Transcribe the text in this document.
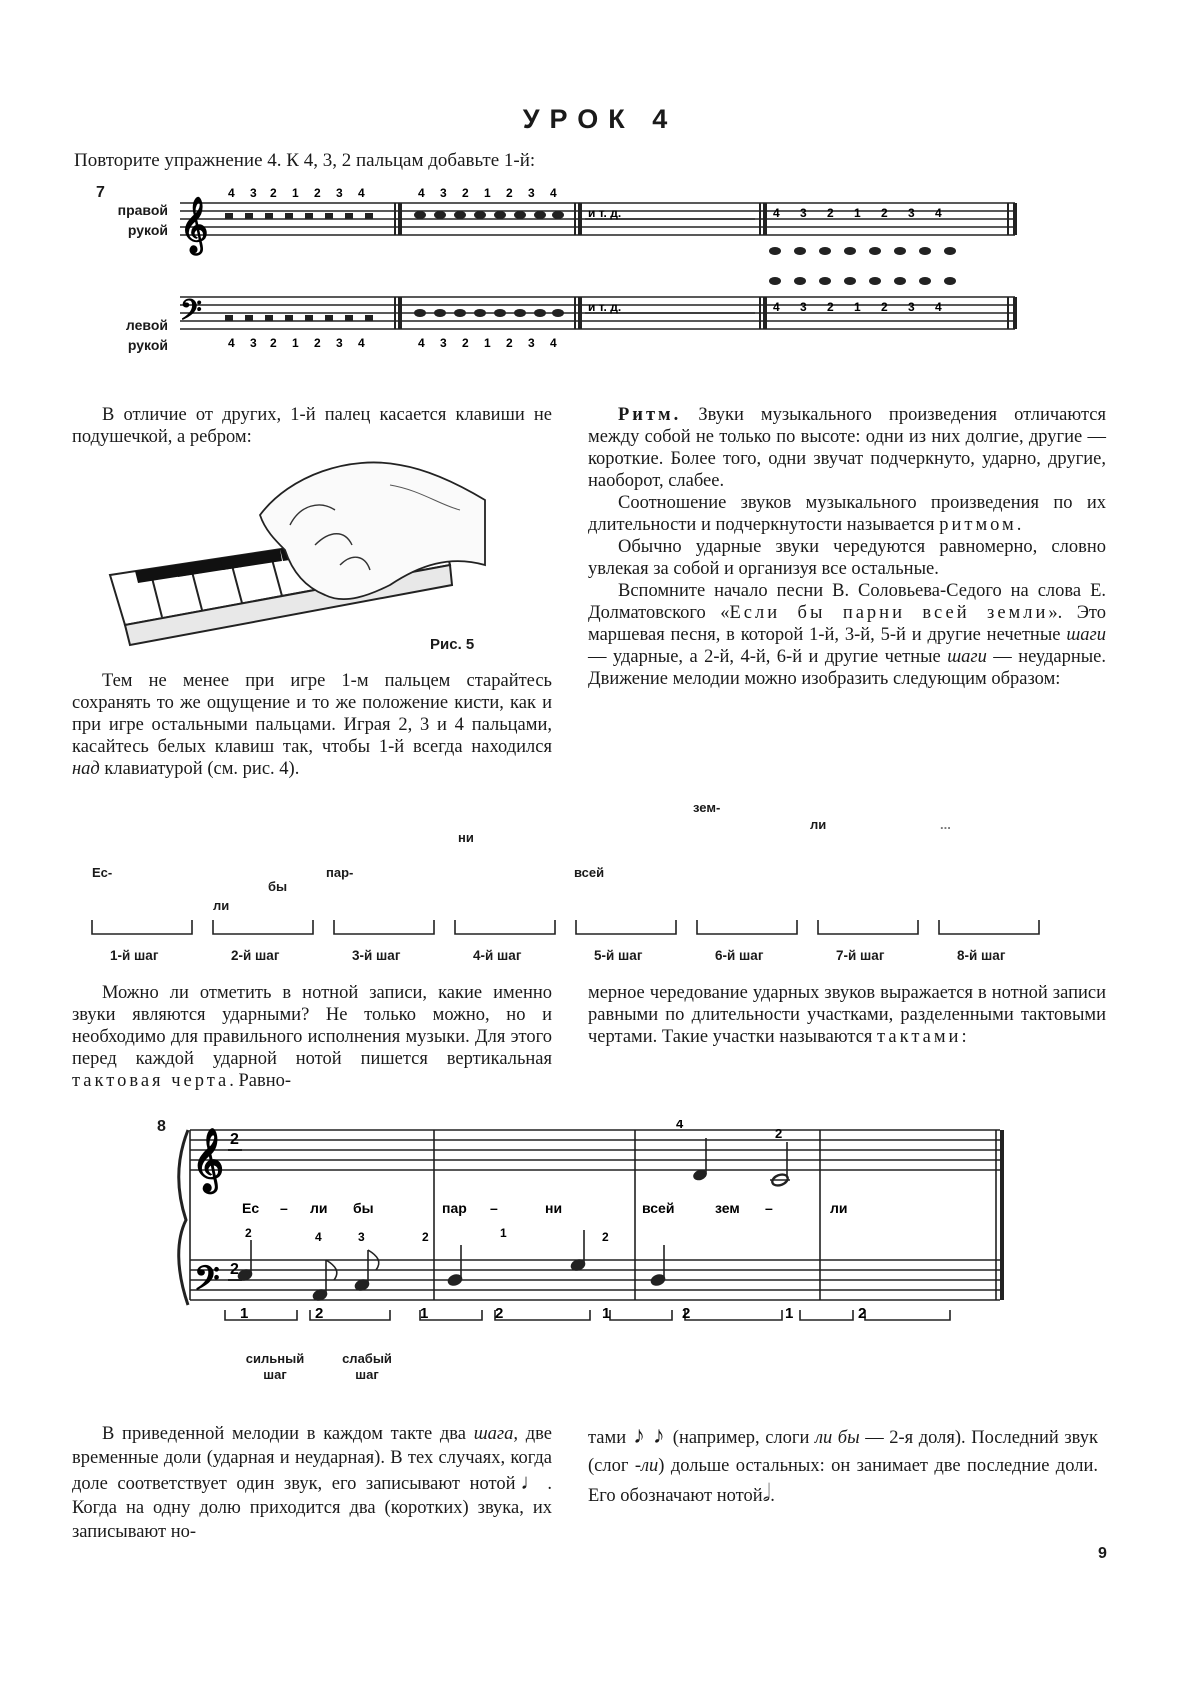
УРОК 4
Повторите упражнение 4. К 4, 3, 2 пальцам добавьте 1-й:
7
правой
рукой
левой
рукой
𝄞	и т. д.
4 3 2 1 2 3 4	4 3 2 1 2 3 4
4 3 2 1 2 3 4
𝄢	и т. д.
4 3 2 1 2 3 4	4 3 2 1 2 3 4
4 3 2 1 2 3 4

В отличие от других, 1-й палец касается клавиши не подушечкой, а ребром:

Рис. 5

Тем не менее при игре 1-м пальцем старайтесь сохранять то же ощущение и то же положение кисти, как и при игре остальными пальцами. Играя 2, 3 и 4 пальцами, касайтесь белых клавиш так, чтобы 1-й всегда находился над клавиатурой (см. рис. 4).

Ритм. Звуки музыкального произведения отличаются между собой не только по высоте: одни из них долгие, другие — короткие. Более того, одни звучат подчеркнуто, ударно, другие, наоборот, слабее.

Соотношение звуков музыкального произведения по их длительности и подчеркнутости называется ритмом.

Обычно ударные звуки чередуются равномерно, словно увлекая за собой и организуя все остальные.

Вспомните начало песни В. Соловьева-Седого на слова Е. Долматовского «Если бы парни всей земли». Это маршевая песня, в которой 1-й, 3-й, 5-й и другие нечетные шаги — ударные, а 2-й, 4-й, 6-й и другие четные шаги — неударные. Движение мелодии можно изобразить следующим образом:

Ес-
ли
бы
пар-
ни
всей
зем-
ли	...
1-й шаг	2-й шаг	3-й шаг	4-й шаг	5-й шаг	6-й шаг	7-й шаг	8-й шаг

Можно ли отметить в нотной записи, какие именно звуки являются ударными? Не только можно, но и необходимо для правильного исполнения музыки. Для этого перед каждой ударной нотой пишется вертикальная тактовая черта. Равно-

мерное чередование ударных звуков выражается в нотной записи равными по длительности участками, разделенными тактовыми чертами. Такие участки называются тактами:

8
𝄞
𝄢
2
2
4
2
2	4	3	2	1	2
Ес – ли бы	пар –	ни	всей	зем –	ли
1	2	1	2	1	2	1	2
сильный
шаг
слабый
шаг

В приведенной мелодии в каждом такте два шага, две временные доли (ударная и неударная). В тех случаях, когда доле соответствует один звук, его записывают нотой♩. Когда на одну долю приходится два (коротких) звука, их записывают но-

тами ♪ ♪ (например, слоги ли бы — 2-я доля). Последний звук (слог -ли) дольше остальных: он занимает две последние доли. Его обозначают нотой𝅗𝅥.

9
